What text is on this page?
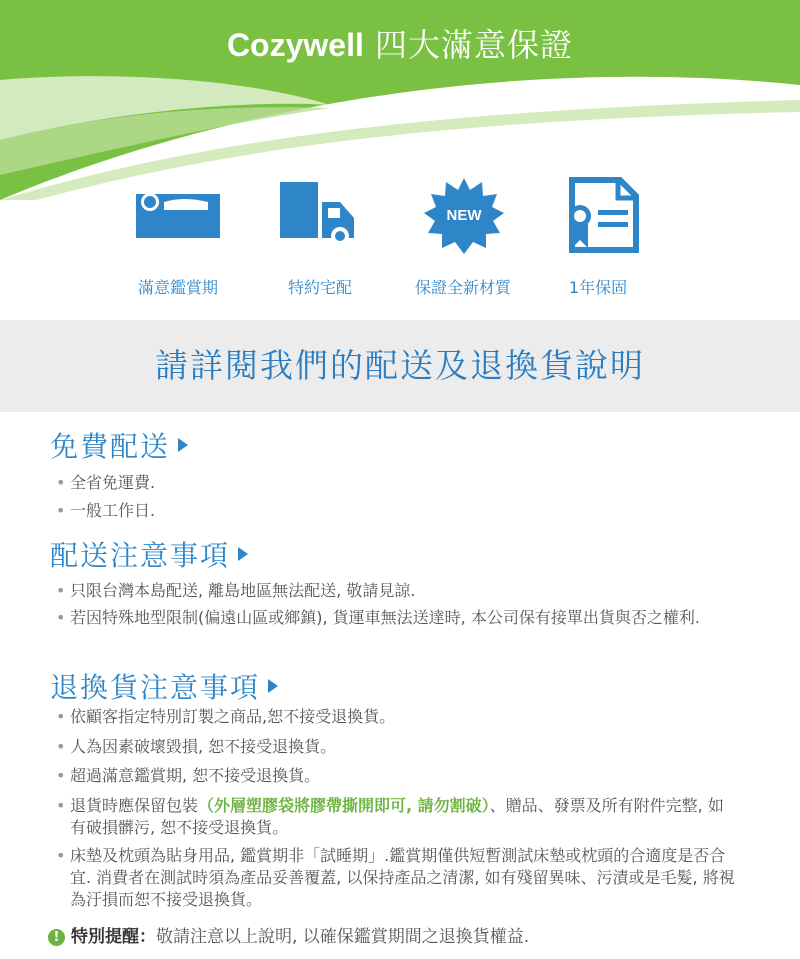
Cozywell 四大滿意保證
NEW
滿意鑑賞期	特約宅配	保證全新材質	1年保固
請詳閱我們的配送及退換貨說明
免費配送
• 全省免運費.
• 一般工作日.
配送注意事項
• 只限台灣本島配送, 離島地區無法配送, 敬請見諒.
• 若因特殊地型限制(偏遠山區或鄉鎮), 貨運車無法送達時, 本公司保有接單出貨與否之權利.
退換貨注意事項
• 依顧客指定特別訂製之商品,恕不接受退換貨。
• 人為因素破壞毀損, 恕不接受退換貨。
• 超過滿意鑑賞期, 恕不接受退換貨。
• 退貨時應保留包裝（外層塑膠袋將膠帶撕開即可, 請勿割破）、贈品、發票及所有附件完整, 如有破損髒污, 恕不接受退換貨。
• 床墊及枕頭為貼身用品, 鑑賞期非「試睡期」.鑑賞期僅供短暫測試床墊或枕頭的合適度是否合宜. 消費者在測試時須為產品妥善覆蓋, 以保持產品之清潔, 如有殘留異味、污漬或是毛髮, 將視為汙損而恕不接受退換貨。
! 特別提醒：敬請注意以上說明, 以確保鑑賞期間之退換貨權益.
